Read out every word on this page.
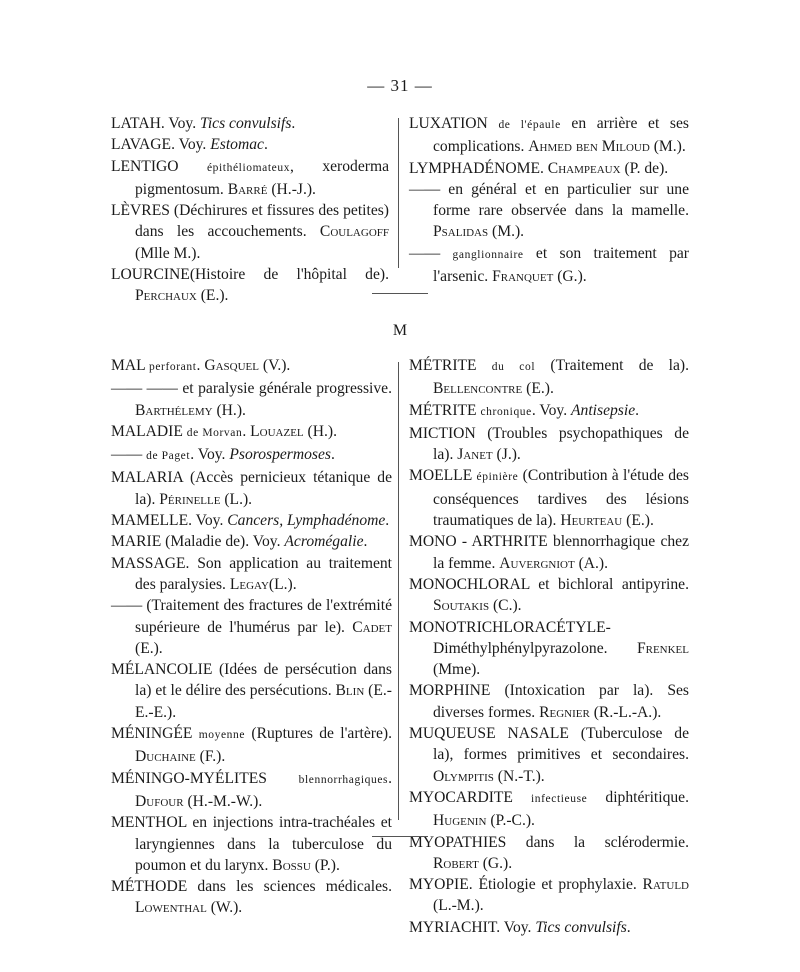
— 31 —

LATAH. Voy. Tics convulsifs.

LAVAGE. Voy. Estomac.

LENTIGO épithéliomateux, xeroderma pigmentosum. Barré (H.-J.).

LÈVRES (Déchirures et fissures des petites) dans les accouchements. Coulagoff (Mlle M.).

LOURCINE(Histoire de l'hôpital de). Perchaux (E.).

LUXATION de l'épaule en arrière et ses complications. Ahmed ben Miloud (M.).

LYMPHADÉNOME. Champeaux (P. de).

—— en général et en particulier sur une forme rare observée dans la mamelle. Psalidas (M.).

—— ganglionnaire et son traitement par l'arsenic. Franquet (G.).

M

MAL perforant. Gasquel (V.).

—— —— et paralysie générale progressive. Barthélemy (H.).

MALADIE de Morvan. Louazel (H.).

—— de Paget. Voy. Psorospermoses.

MALARIA (Accès pernicieux tétanique de la). Périnelle (L.).

MAMELLE. Voy. Cancers, Lymphadénome.

MARIE (Maladie de). Voy. Acromégalie.

MASSAGE. Son application au traitement des paralysies. Legay(L.).

—— (Traitement des fractures de l'extrémité supérieure de l'humérus par le). Cadet (E.).

MÉLANCOLIE (Idées de persécution dans la) et le délire des persécutions. Blin (E.-E.-E.).

MÉNINGÉE moyenne (Ruptures de l'artère). Duchaine (F.).

MÉNINGO-MYÉLITES blennorrhagiques. Dufour (H.-M.-W.).

MENTHOL en injections intra-trachéales et laryngiennes dans la tuberculose du poumon et du larynx. Bossu (P.).

MÉTHODE dans les sciences médicales. Lowenthal (W.).

MÉTRITE du col (Traitement de la). Bellencontre (E.).

MÉTRITE chronique. Voy. Antisepsie.

MICTION (Troubles psychopathiques de la). Janet (J.).

MOELLE épinière (Contribution à l'étude des conséquences tardives des lésions traumatiques de la). Heurteau (E.).

MONO - ARTHRITE blennorrhagique chez la femme. Auvergniot (A.).

MONOCHLORAL et bichloral antipyrine. Soutakis (C.).

MONOTRICHLORACÉTYLE-Diméthylphénylpyrazolone. Frenkel (Mme).

MORPHINE (Intoxication par la). Ses diverses formes. Regnier (R.-L.-A.).

MUQUEUSE NASALE (Tuberculose de la), formes primitives et secondaires. Olympitis (N.-T.).

MYOCARDITE infectieuse diphtéritique. Hugenin (P.-C.).

MYOPATHIES dans la sclérodermie. Robert (G.).

MYOPIE. Étiologie et prophylaxie. Ratuld (L.-M.).

MYRIACHIT. Voy. Tics convulsifs.
